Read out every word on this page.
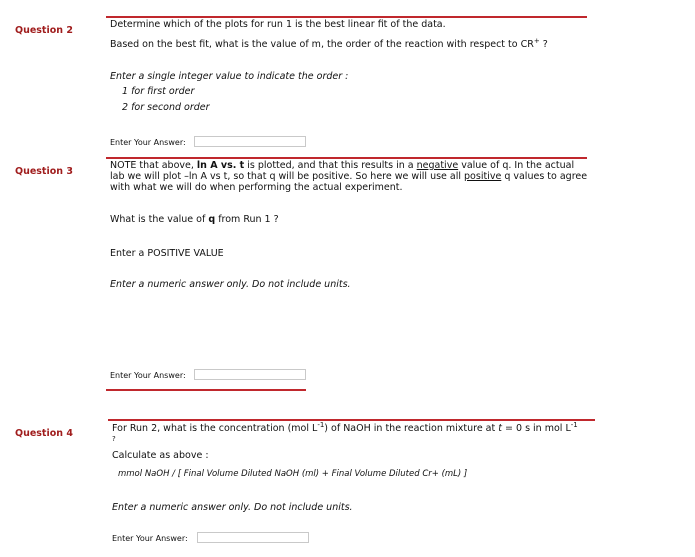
Question 2
Determine which of the plots for run 1 is the best linear fit of the data.
Based on the best fit, what is the value of m, the order of the reaction with respect to CR+ ?
Enter a single integer value to indicate the order :
1 for first order
2 for second order
Enter Your Answer:
Question 3
NOTE that above, ln A vs. t is plotted, and that this results in a negative value of q. In the actual lab we will plot –ln A vs t, so that q will be positive. So here we will use all positive q values to agree with what we will do when performing the actual experiment.
What is the value of q from Run 1 ?
Enter a POSITIVE VALUE
Enter a numeric answer only. Do not include units.
Enter Your Answer:
Question 4	For Run 2, what is the concentration (mol $L^{-1}$) of NaOH in the reaction mixture at t = 0 s in mol $L^{-1}$
?
Calculate as above :
mmol NaOH / [ Final Volume Diluted NaOH (ml) + Final Volume Diluted Cr+ (mL) ]
Enter a numeric answer only. Do not include units.
Enter Your Answer:
